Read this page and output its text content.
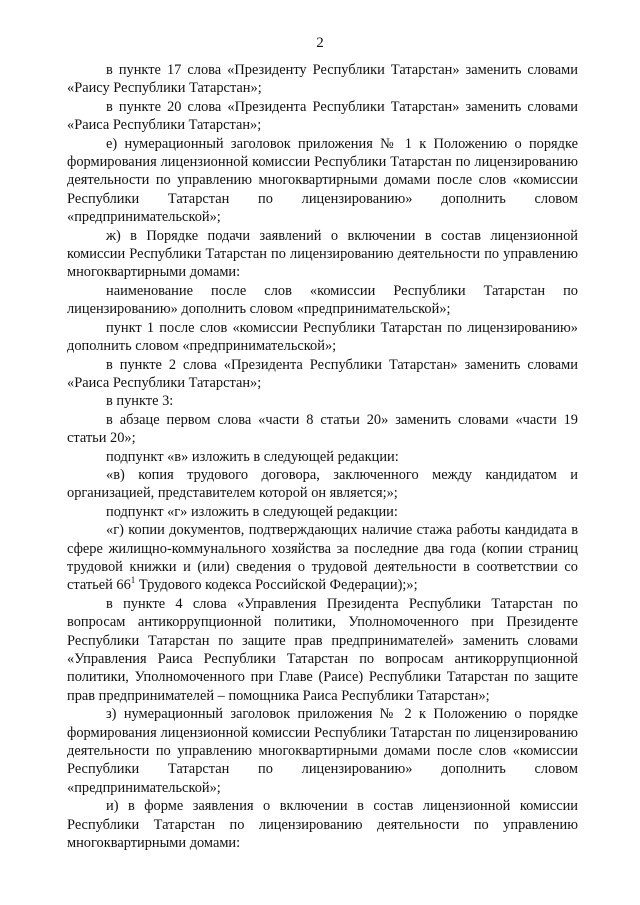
2

в пункте 17 слова «Президенту Республики Татарстан» заменить словами «Раису Республики Татарстан»;

в пункте 20 слова «Президента Республики Татарстан» заменить словами «Раиса Республики Татарстан»;

е) нумерационный заголовок приложения № 1 к Положению о порядке формирования лицензионной комиссии Республики Татарстан по лицензированию деятельности по управлению многоквартирными домами после слов «комиссии Республики Татарстан по лицензированию» дополнить словом «предпринимательской»;

ж) в Порядке подачи заявлений о включении в состав лицензионной комиссии Республики Татарстан по лицензированию деятельности по управлению многоквартирными домами:

наименование после слов «комиссии Республики Татарстан по лицензированию» дополнить словом «предпринимательской»;

пункт 1 после слов «комиссии Республики Татарстан по лицензированию» дополнить словом «предпринимательской»;

в пункте 2 слова «Президента Республики Татарстан» заменить словами «Раиса Республики Татарстан»;

в пункте 3:

в абзаце первом слова «части 8 статьи 20» заменить словами «части 19 статьи 20»;

подпункт «в» изложить в следующей редакции:

«в) копия трудового договора, заключенного между кандидатом и организацией, представителем которой он является;»;

подпункт «г» изложить в следующей редакции:

«г) копии документов, подтверждающих наличие стажа работы кандидата в сфере жилищно-коммунального хозяйства за последние два года (копии страниц трудовой книжки и (или) сведения о трудовой деятельности в соответствии со статьей $66^1$ Трудового кодекса Российской Федерации);»;

в пункте 4 слова «Управления Президента Республики Татарстан по вопросам антикоррупционной политики, Уполномоченного при Президенте Республики Татарстан по защите прав предпринимателей» заменить словами «Управления Раиса Республики Татарстан по вопросам антикоррупционной политики, Уполномоченного при Главе (Раисе) Республики Татарстан по защите прав предпринимателей – помощника Раиса Республики Татарстан»;

з) нумерационный заголовок приложения № 2 к Положению о порядке формирования лицензионной комиссии Республики Татарстан по лицензированию деятельности по управлению многоквартирными домами после слов «комиссии Республики Татарстан по лицензированию» дополнить словом «предпринимательской»;

и) в форме заявления о включении в состав лицензионной комиссии Республики Татарстан по лицензированию деятельности по управлению многоквартирными домами:
